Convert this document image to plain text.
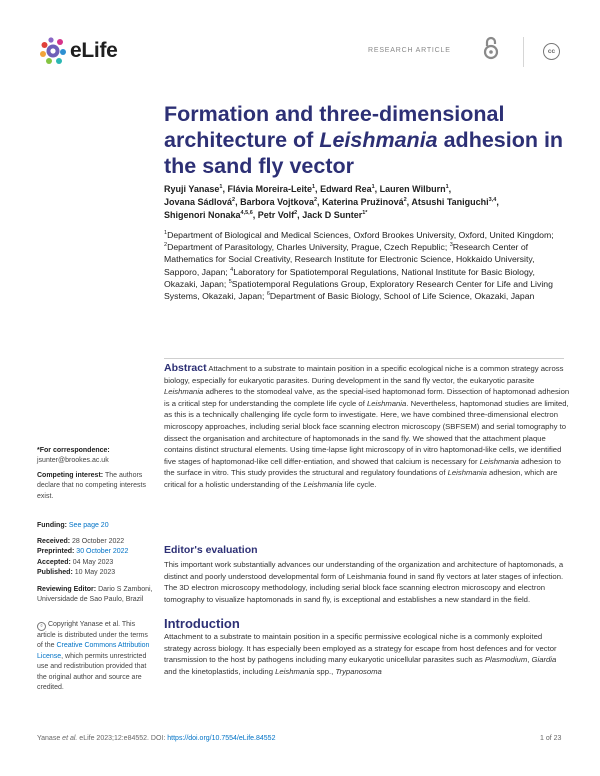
eLife	RESEARCH ARTICLE	cc
Formation and three-dimensional architecture of Leishmania adhesion in the sand fly vector
Ryuji Yanase$^1$, Flávia Moreira-Leite$^1$, Edward Rea$^1$, Lauren Wilburn$^1$,
Jovana Sádlová$^2$, Barbora Vojtkova$^2$, Katerina Pružinová$^2$, Atsushi Taniguchi$^{3,4}$,
Shigenori Nonaka$^{4,5,6}$, Petr Volf$^2$, Jack D Sunter$^{1*}$
$^1$Department of Biological and Medical Sciences, Oxford Brookes University, Oxford, United Kingdom; $^2$Department of Parasitology, Charles University, Prague, Czech Republic; $^3$Research Center of Mathematics for Social Creativity, Research Institute for Electronic Science, Hokkaido University, Sapporo, Japan; $^4$Laboratory for Spatiotemporal Regulations, National Institute for Basic Biology, Okazaki, Japan; $^5$Spatiotemporal Regulations Group, Exploratory Research Center for Life and Living Systems, Okazaki, Japan; $^6$Department of Basic Biology, School of Life Science, Okazaki, Japan
Abstract Attachment to a substrate to maintain position in a specific ecological niche is a common strategy across biology, especially for eukaryotic parasites. During development in the sand fly vector, the eukaryotic parasite Leishmania adheres to the stomodeal valve, as the special-ised haptomonad form. Dissection of haptomonad adhesion is a critical step for understanding the complete life cycle of Leishmania. Nevertheless, haptomonad studies are limited, as this is a technically challenging life cycle form to investigate. Here, we have combined three-dimensional electron microscopy approaches, including serial block face scanning electron microscopy (SBFSEM) and serial tomography to dissect the organisation and architecture of haptomonads in the sand fly. We showed that the attachment plaque contains distinct structural elements. Using time-lapse light microscopy of in vitro haptomonad-like cells, we identified five stages of haptomonad-like cell differ-entiation, and showed that calcium is necessary for Leishmania adhesion to the surface in vitro. This study provides the structural and regulatory foundations of Leishmania adhesion, which are critical for a holistic understanding of the Leishmania life cycle.
Editor's evaluation
This important work substantially advances our understanding of the organization and architecture of haptomonads, a distinct and poorly understood developmental form of Leishmania found in sand fly vectors at later stages of infection. The 3D electron microscopy methodology, including serial block face scanning electron microscopy and electron tomography to visualize haptomonads in sand fly, is exceptional and establishes a new standard in the field.
Introduction
Attachment to a substrate to maintain position in a specific permissive ecological niche is a commonly exploited strategy across biology. It has especially been employed as a strategy for escape from host defences and for vector transmission to the host by pathogens including many eukaryotic unicellular parasites such as Plasmodium, Giardia and the kinetoplastids, including Leishmania spp., Trypanosoma
*For correspondence:
jsunter@brookes.ac.uk
Competing interest: The authors declare that no competing interests exist.
Funding: See page 20
Received: 28 October 2022
Preprinted: 30 October 2022
Accepted: 04 May 2023
Published: 10 May 2023
Reviewing Editor: Dario S Zamboni, Universidade de Sao Paulo, Brazil
© Copyright Yanase et al. This article is distributed under the terms of the Creative Commons Attribution License, which permits unrestricted use and redistribution provided that the original author and source are credited.
Yanase et al. eLife 2023;12:e84552. DOI: https://doi.org/10.7554/eLife.84552	1 of 23
